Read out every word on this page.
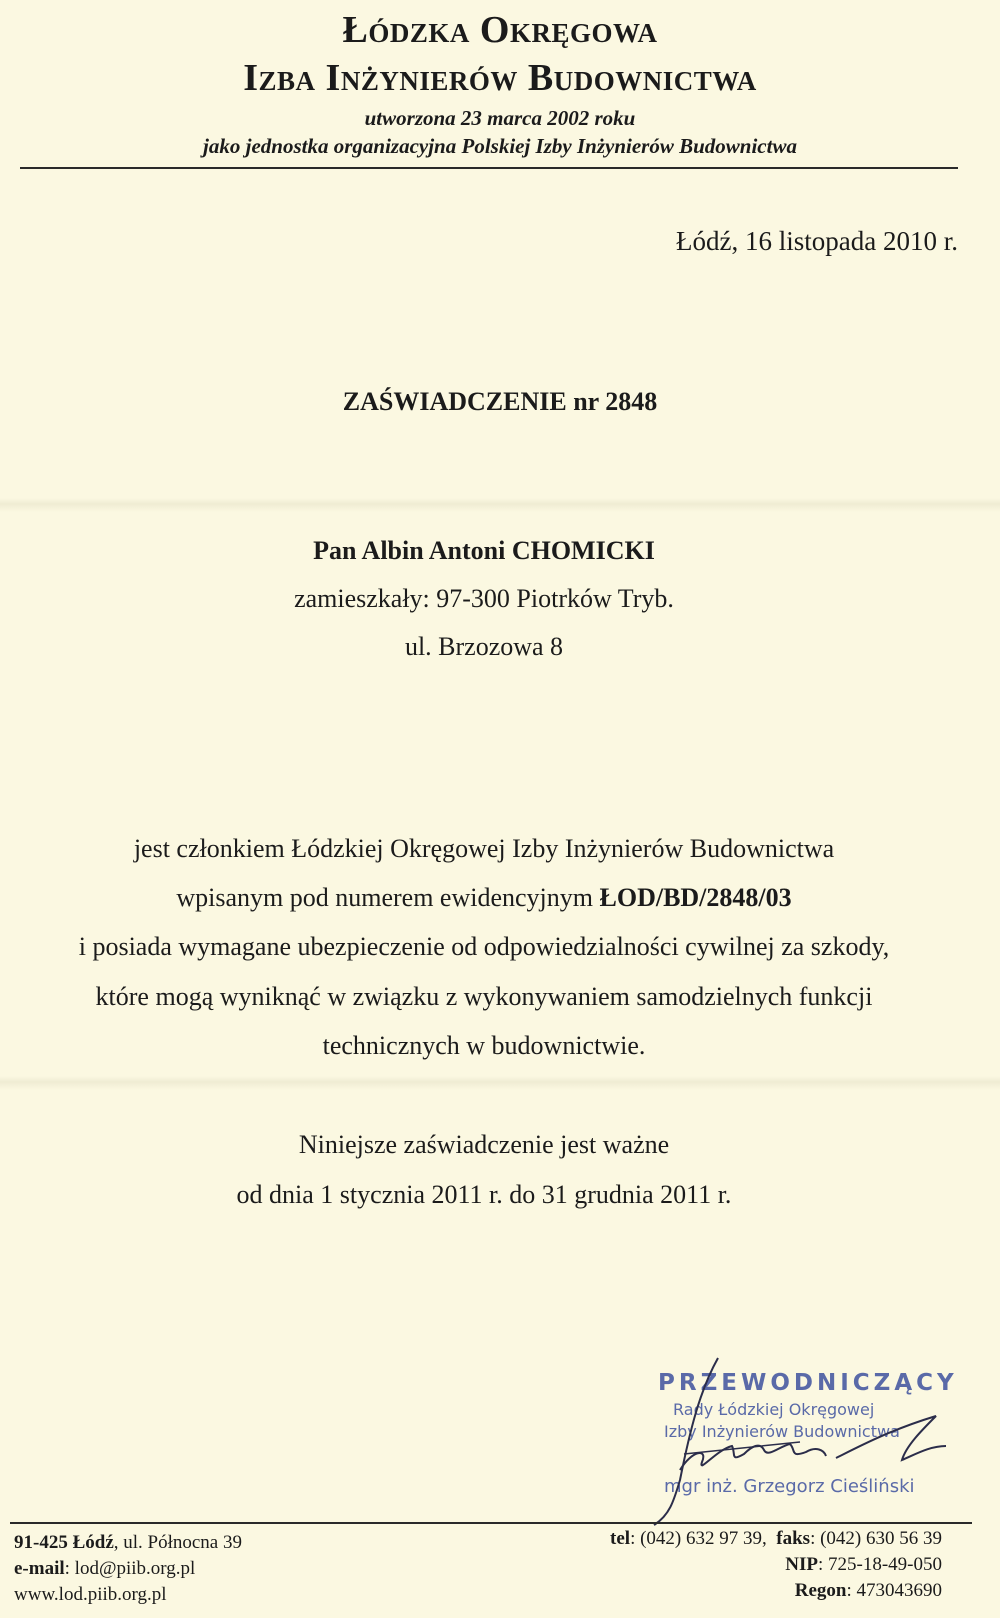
Łódzka Okręgowa
Izba Inżynierów Budownictwa
utworzona 23 marca 2002 roku
jako jednostka organizacyjna Polskiej Izby Inżynierów Budownictwa
Łódź, 16 listopada 2010 r.
ZAŚWIADCZENIE nr 2848
Pan Albin Antoni CHOMICKI
zamieszkały: 97-300 Piotrków Tryb.
ul. Brzozowa 8
jest członkiem Łódzkiej Okręgowej Izby Inżynierów Budownictwa
wpisanym pod numerem ewidencyjnym ŁOD/BD/2848/03
i posiada wymagane ubezpieczenie od odpowiedzialności cywilnej za szkody,
które mogą wyniknąć w związku z wykonywaniem samodzielnych funkcji
technicznych w budownictwie.
Niniejsze zaświadczenie jest ważne
od dnia 1 stycznia 2011 r. do 31 grudnia 2011 r.
PRZEWODNICZĄCY
Rady Łódzkiej Okręgowej
Izby Inżynierów Budownictwa
mgr inż. Grzegorz Cieśliński
91-425 Łódź, ul. Północna 39
e-mail: lod@piib.org.pl
www.lod.piib.org.pl
tel: (042) 632 97 39, faks: (042) 630 56 39
NIP: 725-18-49-050
Regon: 473043690
